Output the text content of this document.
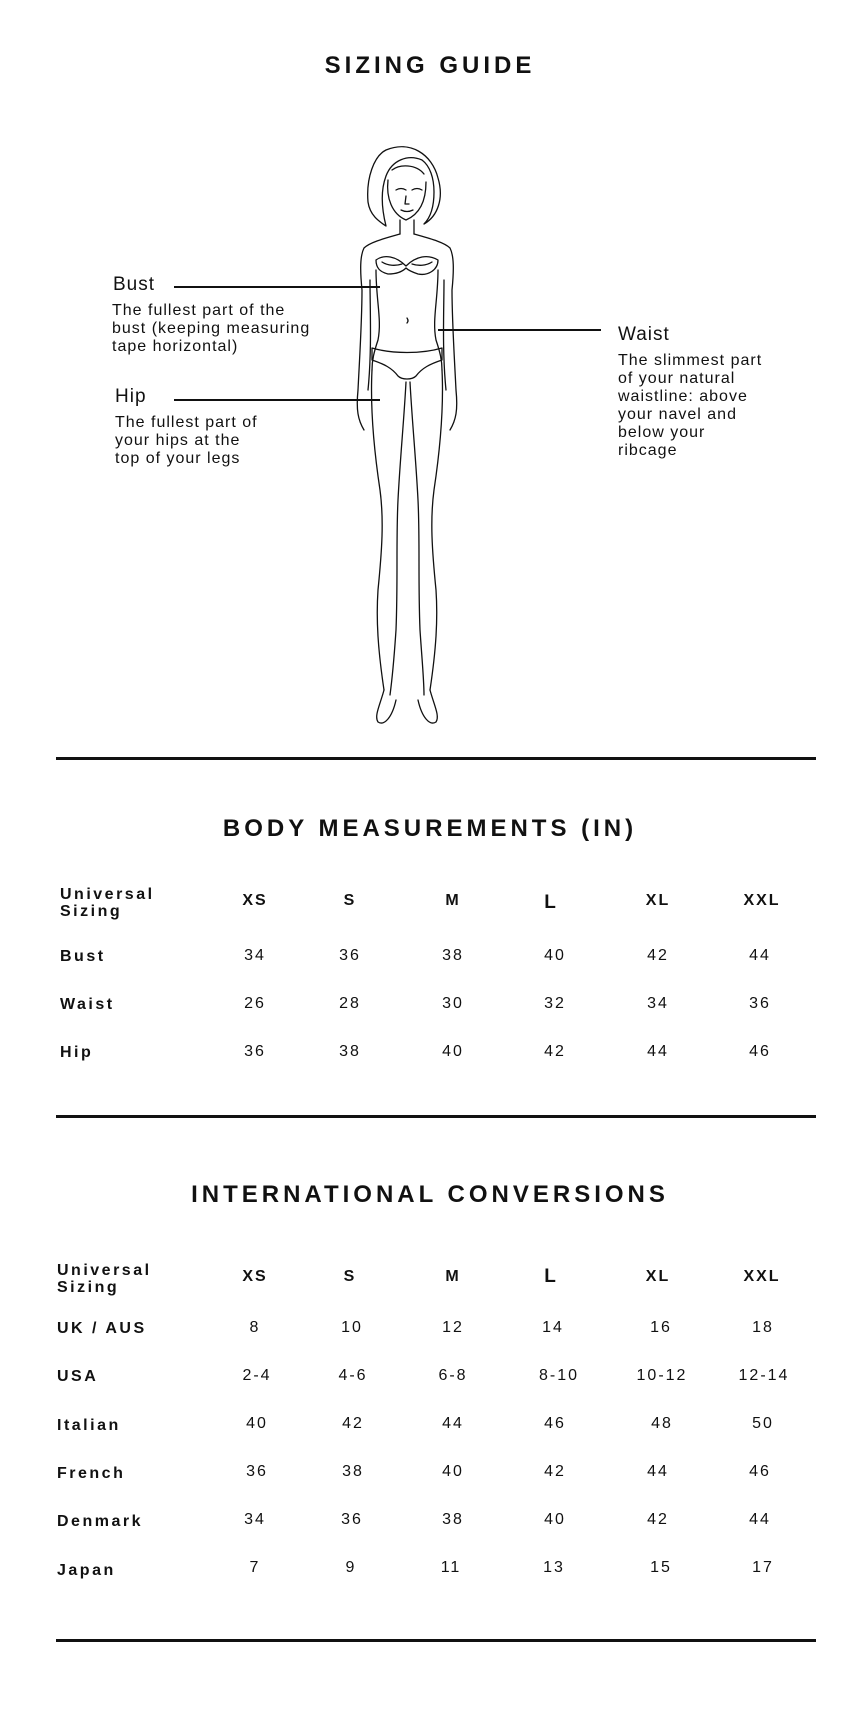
SIZING GUIDE
Bust
The fullest part of the
bust (keeping measuring
tape horizontal)
Hip
The fullest part of
your hips at the
top of your legs
Waist
The slimmest part
of your natural
waistline: above
your navel and
below your
ribcage
BODY MEASUREMENTS (IN)
Universal
Sizing
XS	S	M	L	XL	XXL
Bust	34	36	38	40	42	44
Waist	26	28	30	32	34	36
Hip	36	38	40	42	44	46
INTERNATIONAL CONVERSIONS
Universal
Sizing
XS	S	M	L	XL	XXL
UK / AUS	8	10	12	14	16	18
USA	2-4	4-6	6-8	8-10	10-12	12-14
Italian	40	42	44	46	48	50
French	36	38	40	42	44	46
Denmark	34	36	38	40	42	44
Japan	7	9	11	13	15	17
